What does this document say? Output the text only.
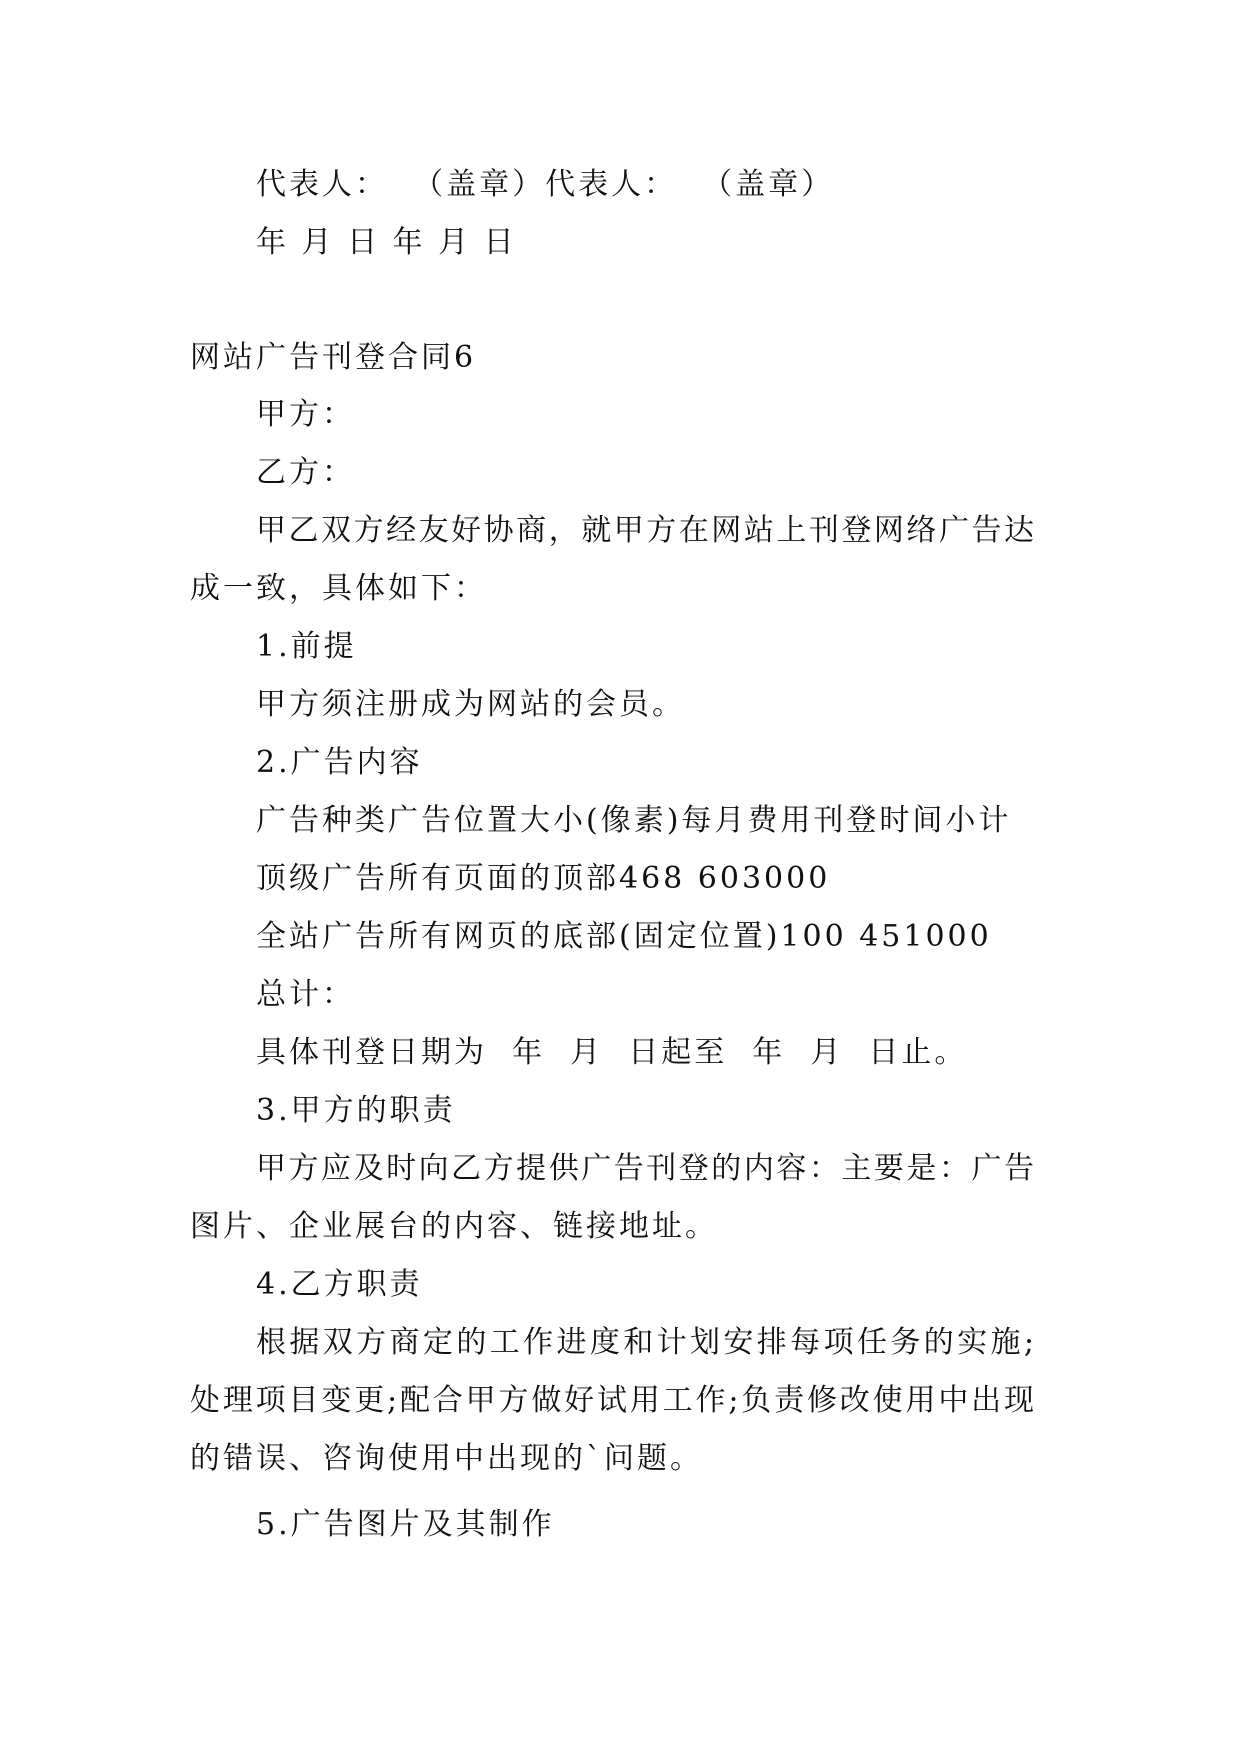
代表人：  （盖章）代表人：  （盖章）
年 月 日 年 月 日
网站广告刊登合同6
甲方：
乙方：
甲乙双方经友好协商，就甲方在网站上刊登网络广告达
成一致，具体如下：
1.前提
甲方须注册成为网站的会员。
2.广告内容
广告种类广告位置大小(像素)每月费用刊登时间小计
顶级广告所有页面的顶部468 603000
全站广告所有网页的底部(固定位置)100 451000
总计：
具体刊登日期为  年  月  日起至  年  月  日止。
3.甲方的职责
甲方应及时向乙方提供广告刊登的内容：主要是：广告
图片、企业展台的内容、链接地址。
4.乙方职责
根据双方商定的工作进度和计划安排每项任务的实施;
处理项目变更;配合甲方做好试用工作;负责修改使用中出现
的错误、咨询使用中出现的`问题。
5.广告图片及其制作
